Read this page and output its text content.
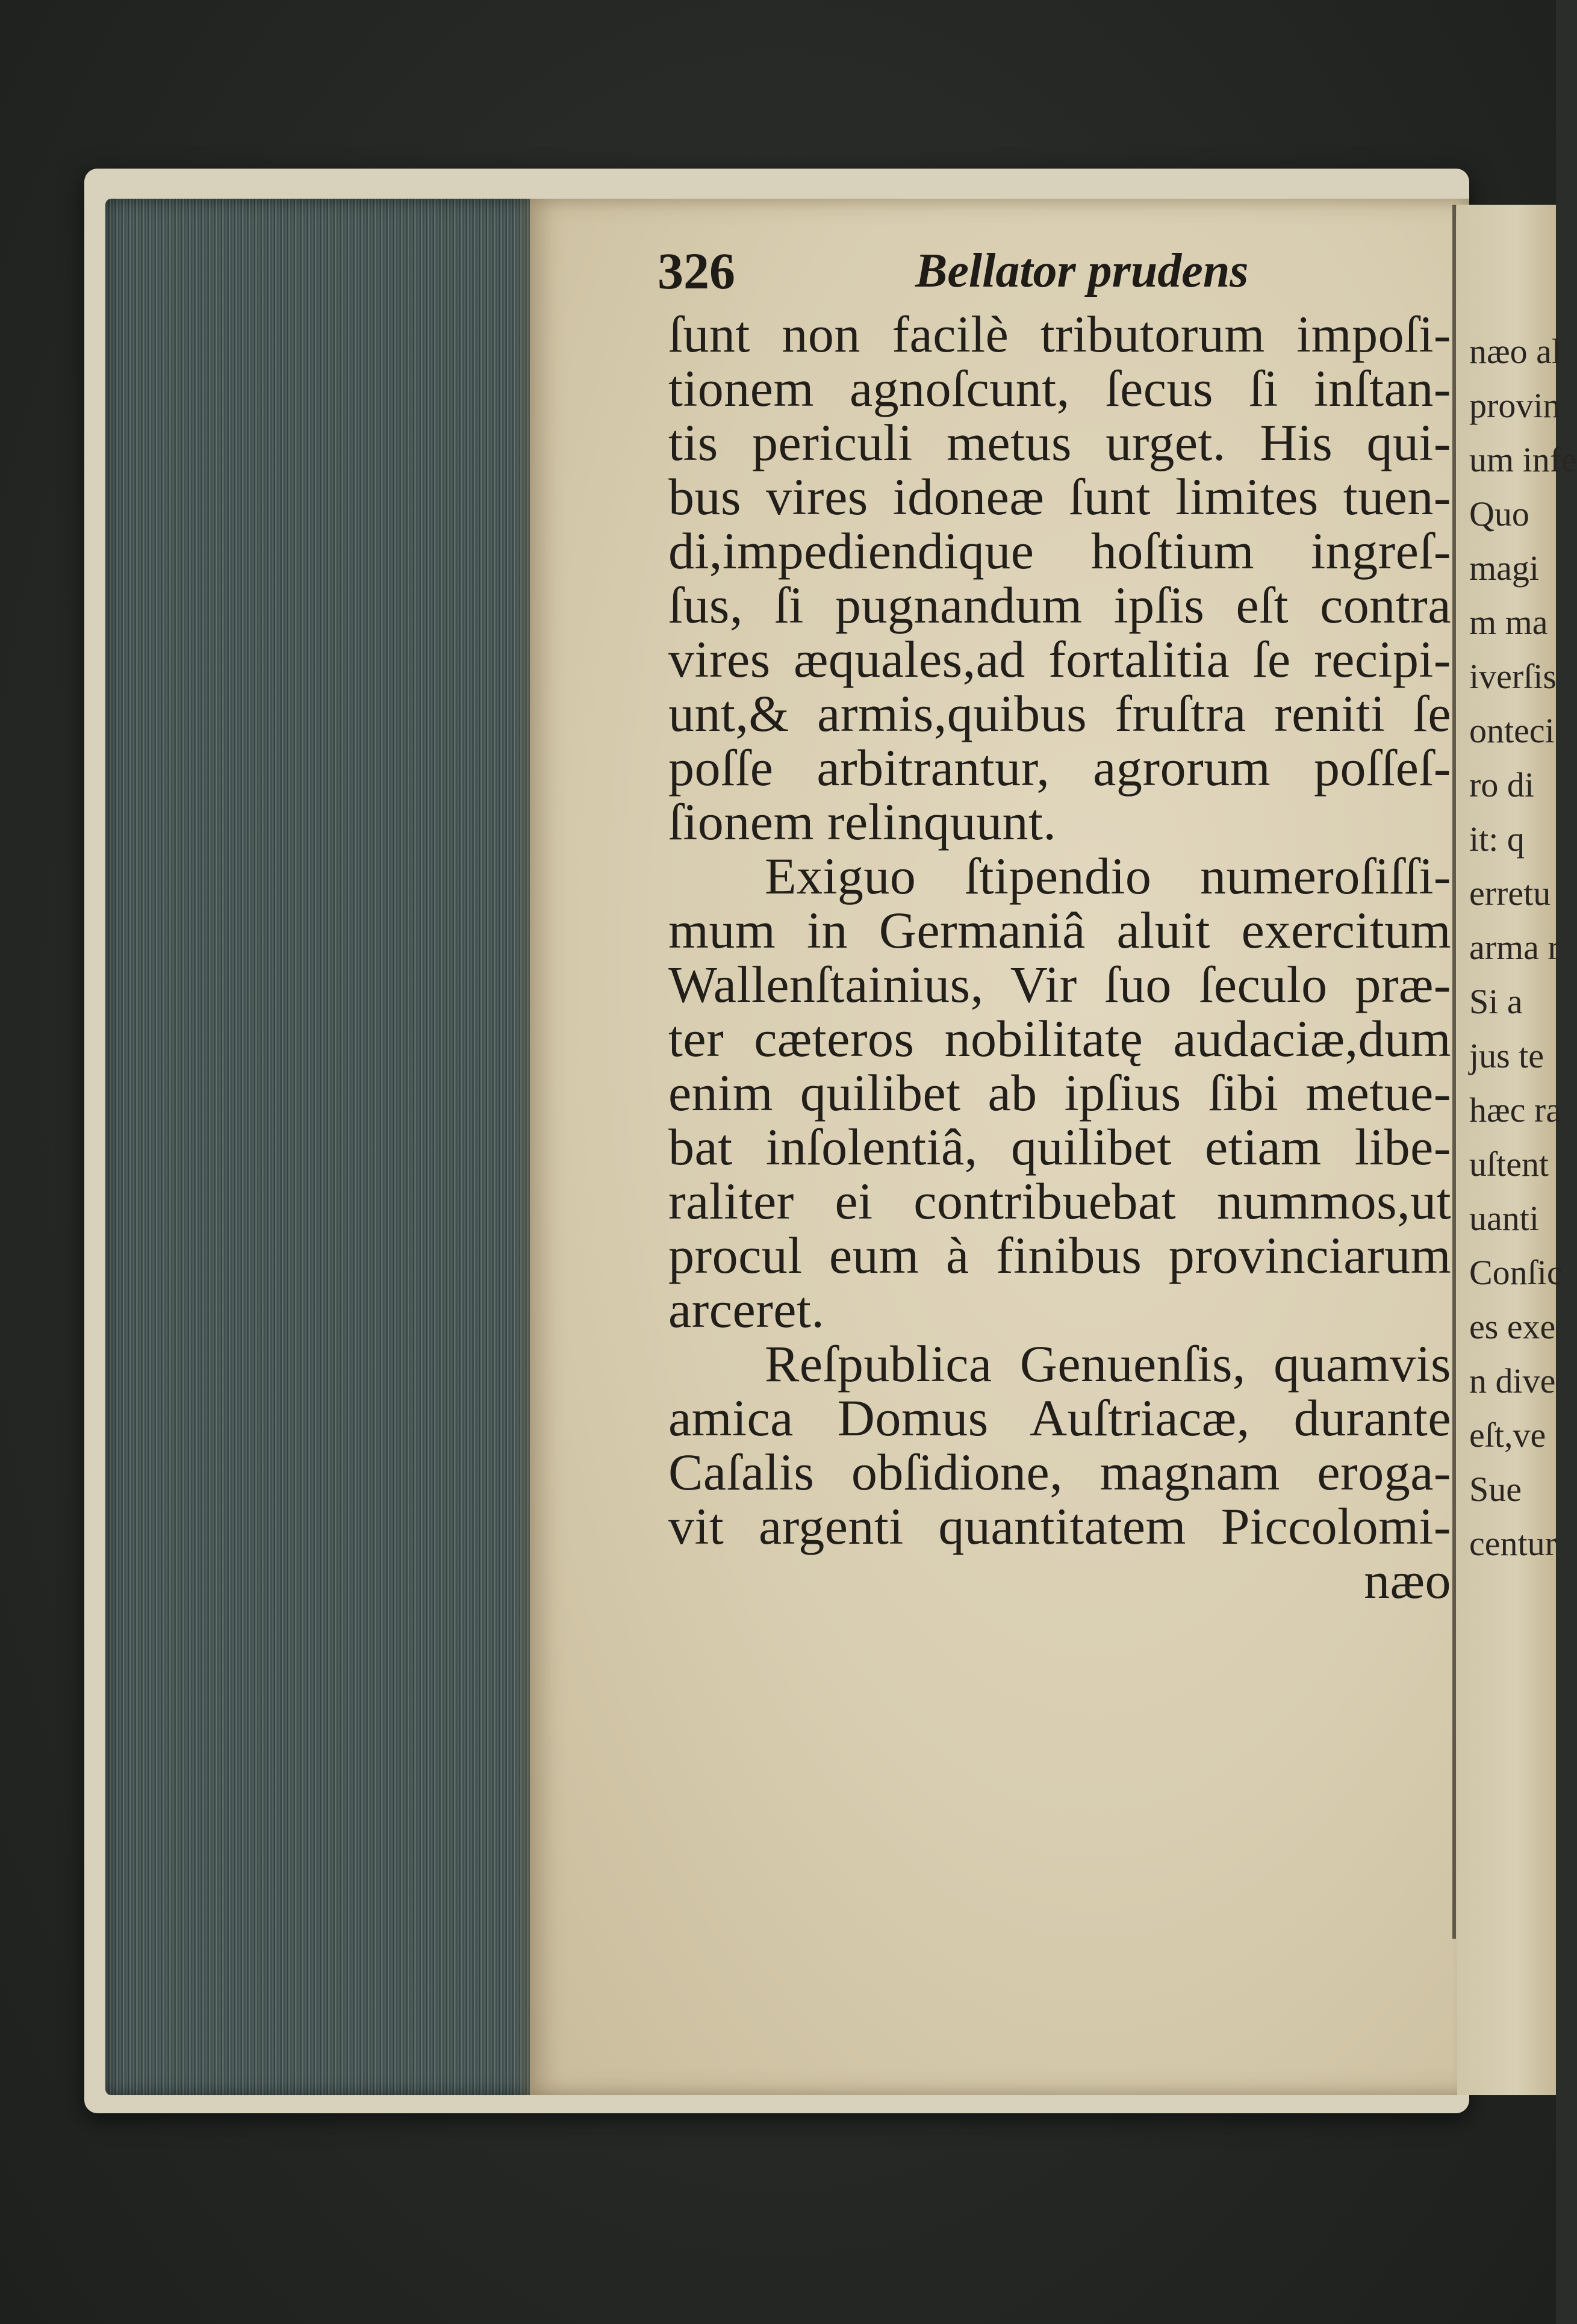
326	Bellator prudens
ſunt non facilè tributorum impoſi-
tionem agnoſcunt, ſecus ſi inſtan-
tis periculi metus urget. His qui-
bus vires idoneæ ſunt limites tuen-
di,impediendique hoſtium ingreſ-
ſus, ſi pugnandum ipſis eſt contra
vires æquales,ad fortalitia ſe recipi-
unt,& armis,quibus fruſtra reniti ſe
poſſe arbitrantur, agrorum poſſeſ-
ſionem relinquunt.
Exiguo ſtipendio numeroſiſſi-
mum in Germaniâ aluit exercitum
Wallenſtainius, Vir ſuo ſeculo præ-
ter cæteros nobilitatę audaciæ,dum
enim quilibet ab ipſius ſibi metue-
bat inſolentiâ, quilibet etiam libe-
raliter ei contribuebat nummos,ut
procul eum à finibus provinciarum
arceret.
Reſpublica Genuenſis, quamvis
amica Domus Auſtriacæ, durante
Caſalis obſidione, magnam eroga-
vit argenti quantitatem Piccolomi-
næo
næo al
provin
um infe
Quo
magi
m ma
iverſis
onteci
ro di
it: q
erretu
arma r
Si a
jus te
hæc ra
uſtent
uanti
Conſic
es exe
n dive
eſt,ve
Sue
centur
